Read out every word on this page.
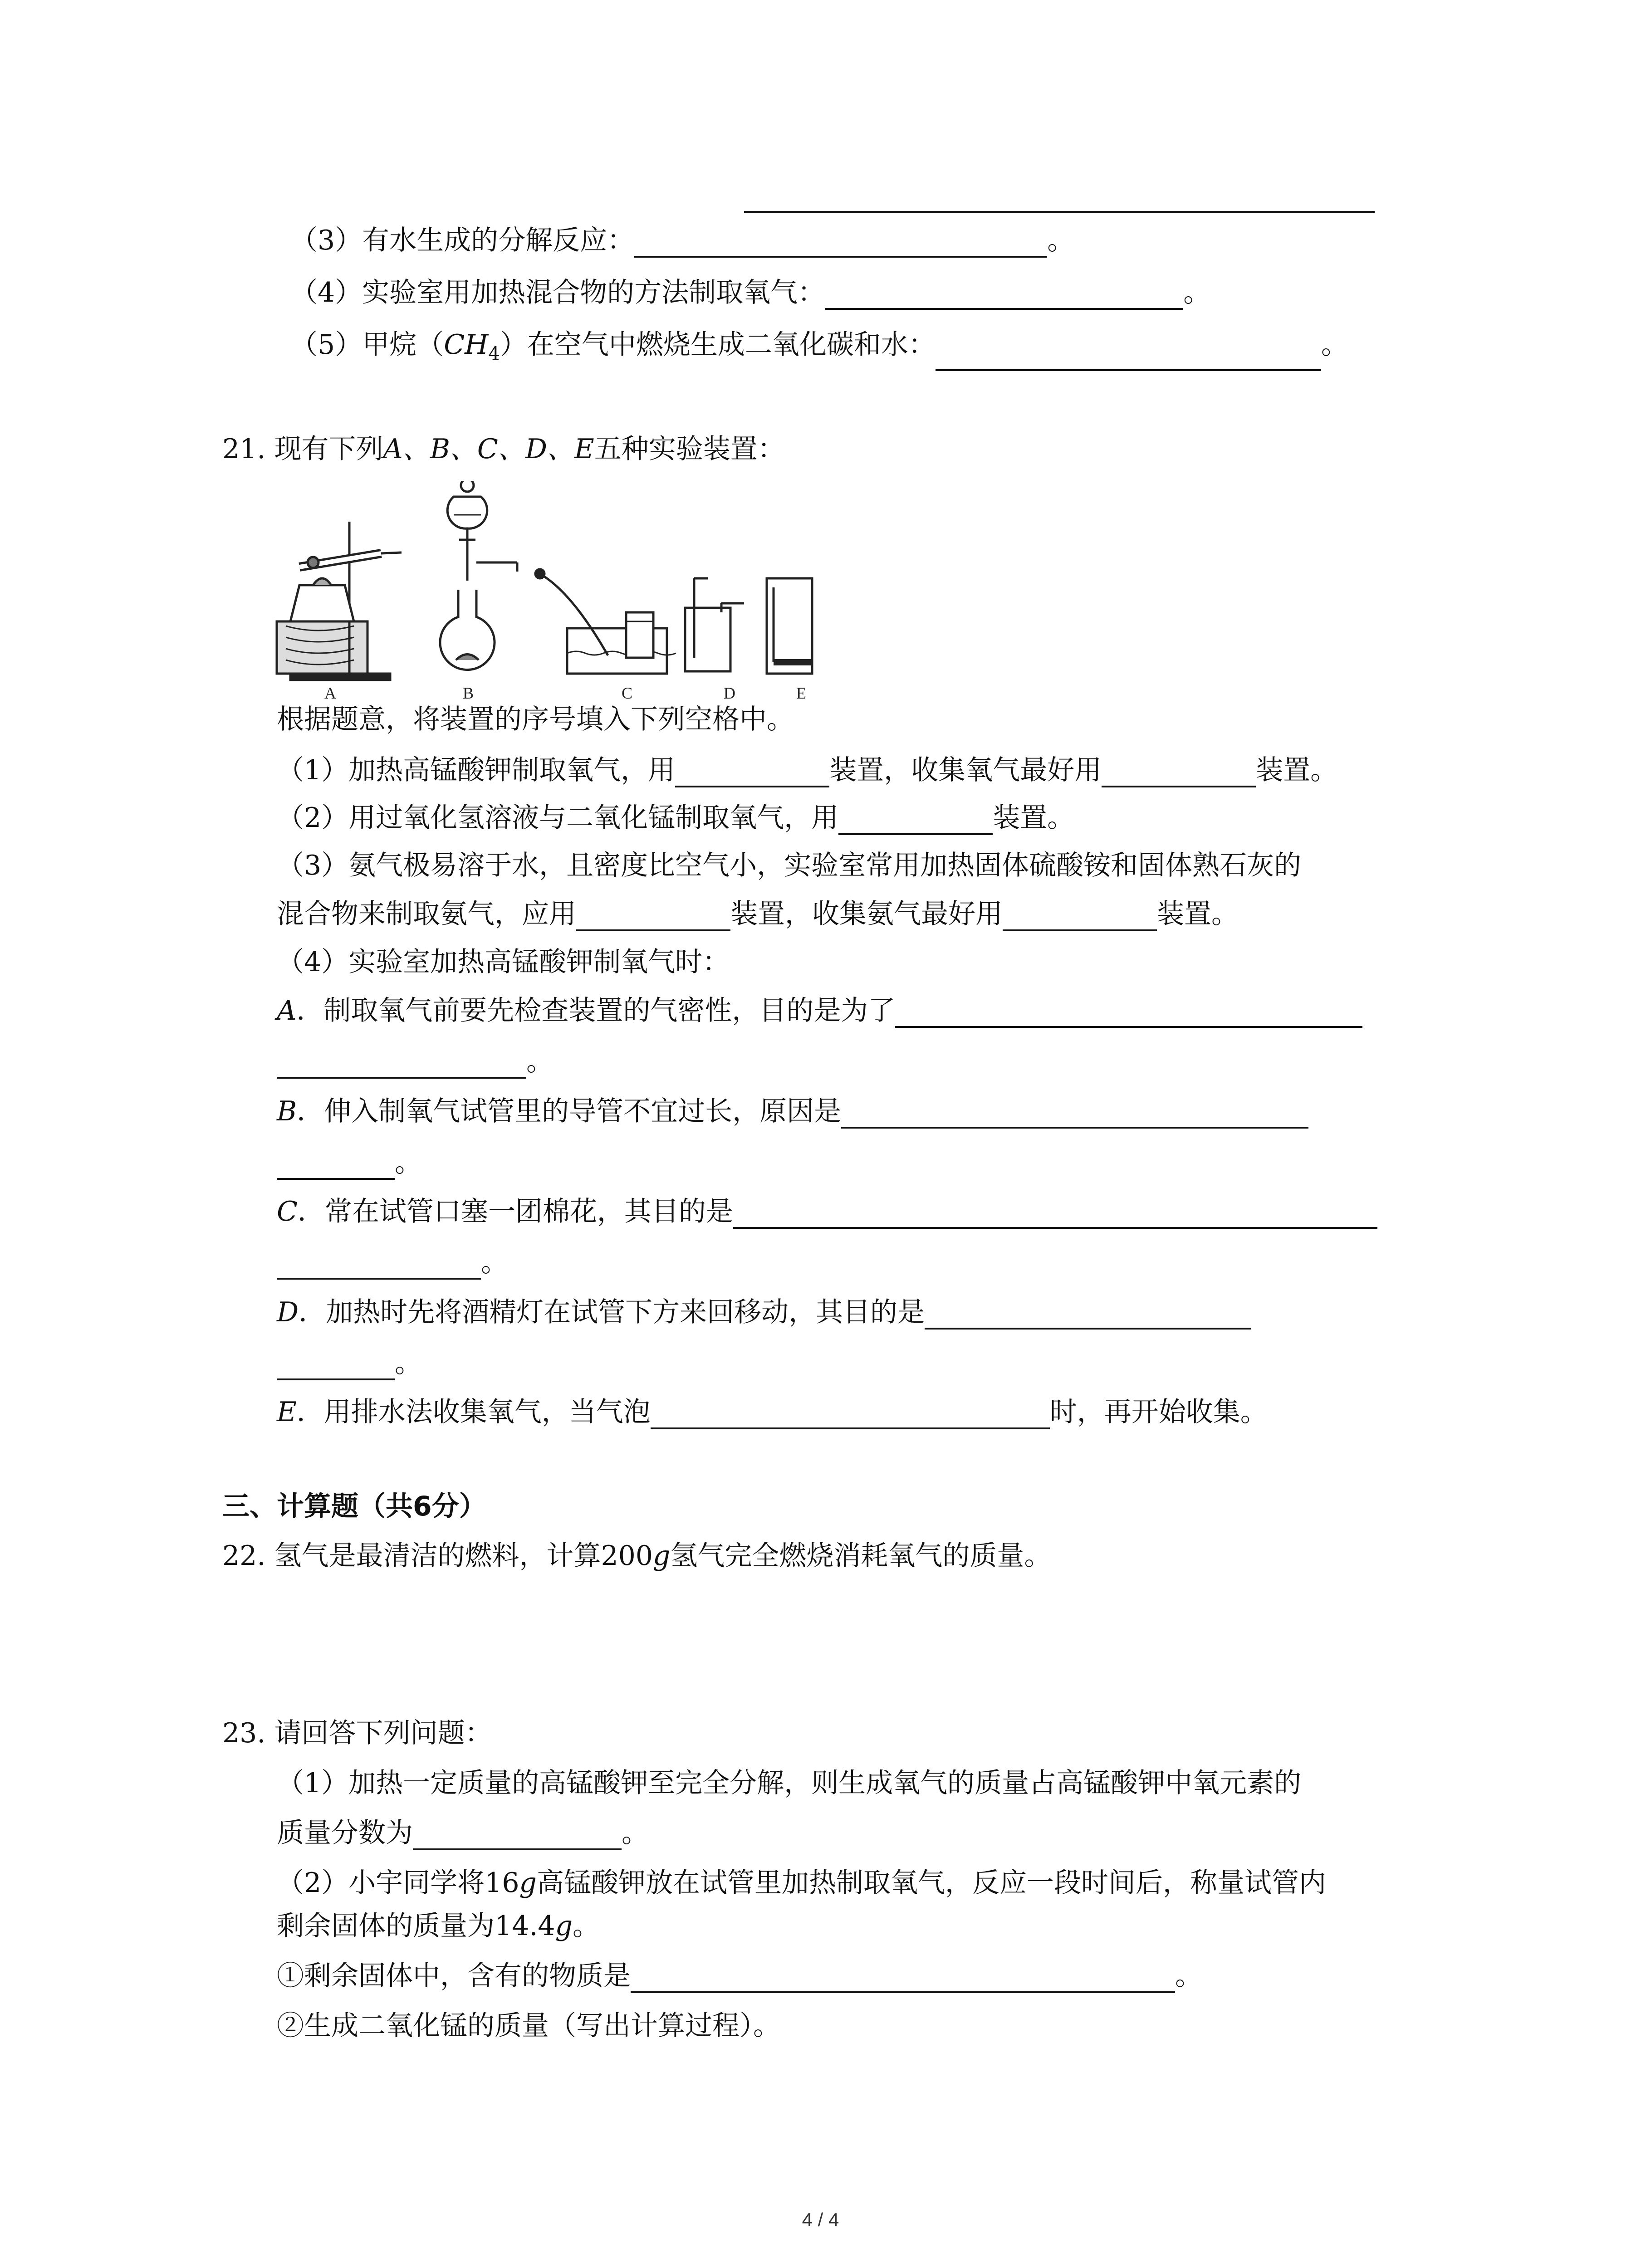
（3）有水生成的分解反应：	。
（4）实验室用加热混合物的方法制取氧气：	。
（5）甲烷$(CH_4)$在空气中燃烧生成二氧化碳和水：	。
21. 现有下列A、B、C、D、E五种实验装置：
A	B	C	D	E
根据题意，将装置的序号填入下列空格中。
（1）加热高锰酸钾制取氧气，用	装置，收集氧气最好用	装置。
（2）用过氧化氢溶液与二氧化锰制取氧气，用	装置。
（3）氨气极易溶于水，且密度比空气小，实验室常用加热固体硫酸铵和固体熟石灰的
混合物来制取氨气，应用	装置，收集氨气最好用	装置。
（4）实验室加热高锰酸钾制氧气时：
A．制取氧气前要先检查装置的气密性，目的是为了
。
B．伸入制氧气试管里的导管不宜过长，原因是
。
C．常在试管口塞一团棉花，其目的是
。
D．加热时先将酒精灯在试管下方来回移动，其目的是
。
E．用排水法收集氧气，当气泡	时，再开始收集。
三、计算题（共6分）
22. 氢气是最清洁的燃料，计算200g氢气完全燃烧消耗氧气的质量。
23. 请回答下列问题：
（1）加热一定质量的高锰酸钾至完全分解，则生成氧气的质量占高锰酸钾中氧元素的
质量分数为	。
（2）小宇同学将16g高锰酸钾放在试管里加热制取氧气，反应一段时间后，称量试管内
剩余固体的质量为14.4g。
①剩余固体中，含有的物质是	。
②生成二氧化锰的质量（写出计算过程）。
4 / 4
